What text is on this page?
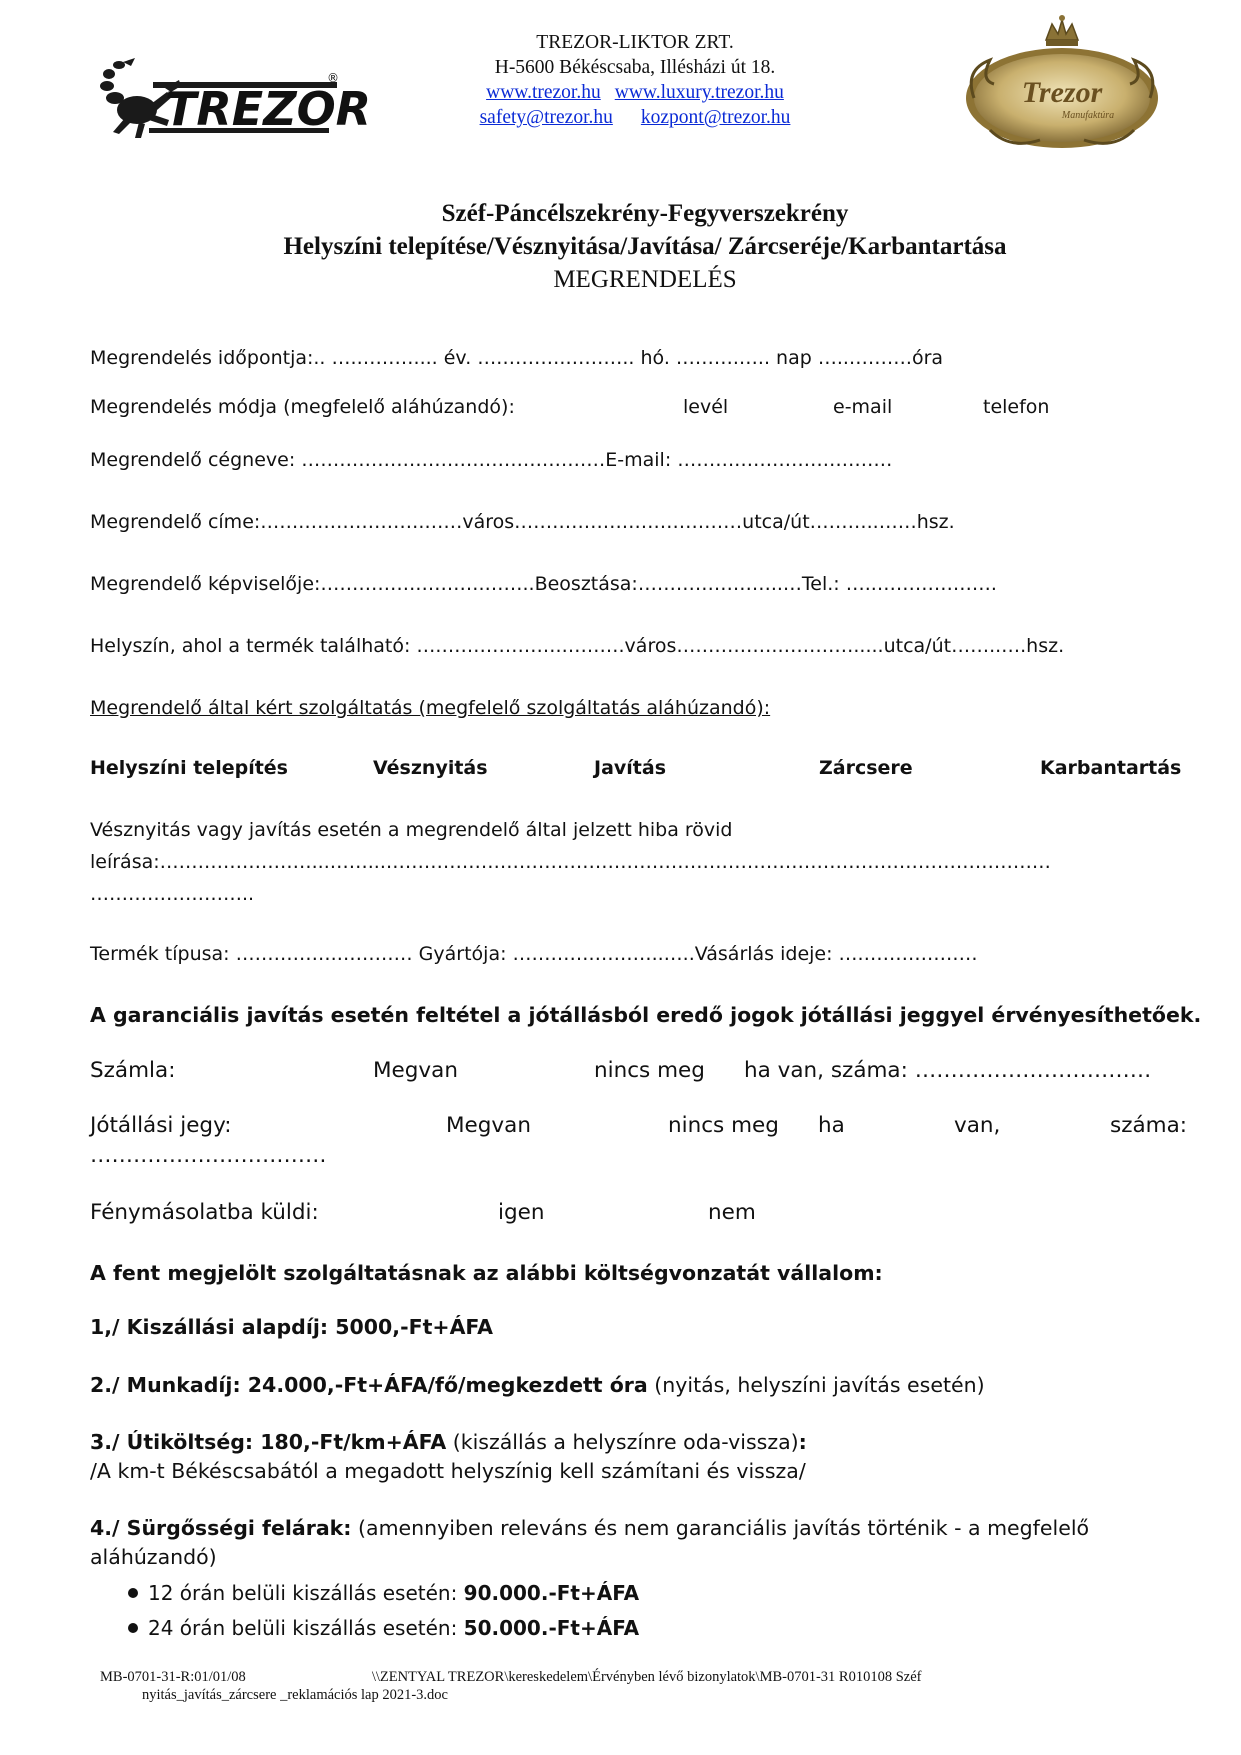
TREZOR
®
TREZOR-LIKTOR ZRT.
H-5600 Békéscsaba, Illésházi út 18.
www.trezor.hu www.luxury.trezor.hu
safety@trezor.hu kozpont@trezor.hu
Trezor
Manufaktúra
Széf-Páncélszekrény-Fegyverszekrény
Helyszíni telepítése/Vésznyitása/Javítása/ Zárcseréje/Karbantartása
MEGRENDELÉS
Megrendelés időpontja:.. ….……….... év. ….……….……….. hó. ……….….. nap …..……….óra
Megrendelés módja (megfelelő aláhúzandó):	levél	e-mail	telefon
Megrendelő cégneve: …………………………………………E-mail: ……….……………………
Megrendelő címe:…….……………….……város………………………………utca/út………..……hsz.
Megrendelő képviselője:…………….……….……..Beosztása:…………………..…Tel.: …..……………….
Helyszín, ahol a termék található: ….……………….……….város…………….………….....utca/út……..….hsz.
Megrendelő által kért szolgáltatás (megfelelő szolgáltatás aláhúzandó):
Helyszíni telepítés	Vésznyitás	Javítás	Zárcsere	Karbantartás
Vésznyitás vagy javítás esetén a megrendelő által jelzett hiba rövid
leírása:……………………...……...……………………………………………………………………………………………
……………………..
Termék típusa: …………….………… Gyártója: ………….………..…..Vásárlás ideje: ….………………
A garanciális javítás esetén feltétel a jótállásból eredő jogok jótállási jeggyel érvényesíthetőek.
Számla:	Megvan	nincs meg ha van, száma: ……………………………
Jótállási jegy:	Megvan	nincs meg ha	van,	száma:
……………………………
Fénymásolatba küldi:	igen	nem
A fent megjelölt szolgáltatásnak az alábbi költségvonzatát vállalom:
1,/ Kiszállási alapdíj: 5000,-Ft+ÁFA
2./ Munkadíj: 24.000,-Ft+ÁFA/fő/megkezdett óra (nyitás, helyszíni javítás esetén)
3./ Útiköltség: 180,-Ft/km+ÁFA (kiszállás a helyszínre oda-vissza):
/A km-t Békéscsabától a megadott helyszínig kell számítani és vissza/
4./ Sürgősségi felárak: (amennyiben releváns és nem garanciális javítás történik - a megfelelő
aláhúzandó)
12 órán belüli kiszállás esetén: 90.000.-Ft+ÁFA
24 órán belüli kiszállás esetén: 50.000.-Ft+ÁFA
MB-0701-31-R:01/01/08	\\ZENTYAL TREZOR\kereskedelem\Érvényben lévő bizonylatok\MB-0701-31 R010108 Széf
nyitás_javítás_zárcsere _reklamációs lap 2021-3.doc
